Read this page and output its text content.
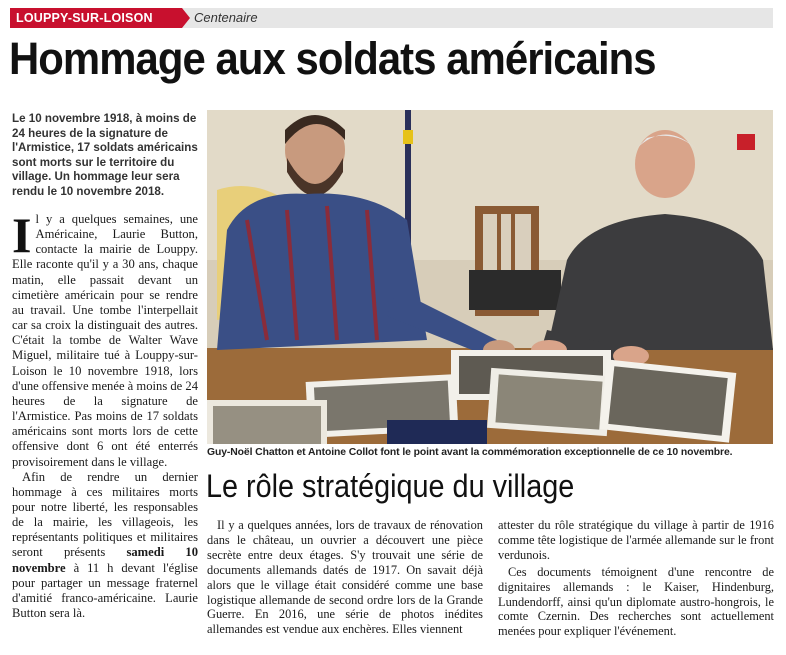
LOUPPY-SUR-LOISON	Centenaire
Hommage aux soldats américains
Le 10 novembre 1918, à moins de 24 heures de la signature de l'Armistice, 17 soldats américains sont morts sur le territoire du village. Un hommage leur sera rendu le 10 novembre 2018.

Il y a quelques semaines, une Américaine, Laurie Button, contacte la mairie de Louppy. Elle raconte qu'il y a 30 ans, chaque matin, elle passait devant un cimetière américain pour se rendre au travail. Une tombe l'interpellait car sa croix la distinguait des autres. C'était la tombe de Walter Wave Miguel, militaire tué à Louppy-sur-Loison le 10 novembre 1918, lors d'une offensive menée à moins de 24 heures de la signature de l'Armistice. Pas moins de 17 soldats américains sont morts lors de cette offensive dont 6 ont été enterrés provisoirement dans le village.

Afin de rendre un dernier hommage à ces militaires morts pour notre liberté, les responsables de la mairie, les villageois, les représentants politiques et militaires seront présents samedi 10 novembre à 11 h devant l'église pour partager un message fraternel d'amitié franco-américaine. Laurie Button sera là.

Guy-Noël Chatton et Antoine Collot font le point avant la commémoration exceptionnelle de ce 10 novembre.
Le rôle stratégique du village

Il y a quelques années, lors de travaux de rénovation dans le château, un ouvrier a découvert une pièce secrète entre deux étages. S'y trouvait une série de documents allemands datés de 1917. On savait déjà alors que le village était considéré comme une base logistique allemande de second ordre lors de la Grande Guerre. En 2016, une série de photos inédites allemandes est vendue aux enchères. Elles viennent

attester du rôle stratégique du village à partir de 1916 comme tête logistique de l'armée allemande sur le front verdunois.

Ces documents témoignent d'une rencontre de dignitaires allemands : le Kaiser, Hindenburg, Lundendorff, ainsi qu'un diplomate austro-hongrois, le comte Czernin. Des recherches sont actuellement menées pour expliquer l'événement.
